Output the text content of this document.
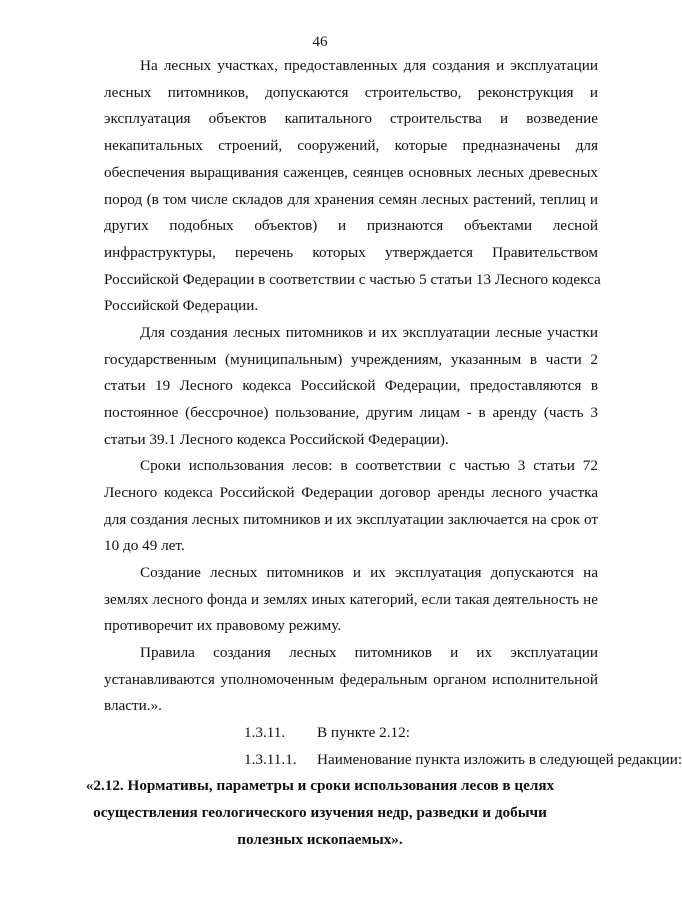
46
На лесных участках, предоставленных для создания и эксплуатации
лесных питомников, допускаются строительство, реконструкция и
эксплуатация объектов капитального строительства и возведение
некапитальных строений, сооружений, которые предназначены для
обеспечения выращивания саженцев, сеянцев основных лесных древесных
пород (в том числе складов для хранения семян лесных растений, теплиц и
других подобных объектов) и признаются объектами лесной
инфраструктуры, перечень которых утверждается Правительством
Российской Федерации в соответствии с частью 5 статьи 13 Лесного кодекса
Российской Федерации.
Для создания лесных питомников и их эксплуатации лесные участки
государственным (муниципальным) учреждениям, указанным в части 2
статьи 19 Лесного кодекса Российской Федерации, предоставляются в
постоянное (бессрочное) пользование, другим лицам - в аренду (часть 3
статьи 39.1 Лесного кодекса Российской Федерации).
Сроки использования лесов: в соответствии с частью 3 статьи 72
Лесного кодекса Российской Федерации договор аренды лесного участка
для создания лесных питомников и их эксплуатации заключается на срок от
10 до 49 лет.
Создание лесных питомников и их эксплуатация допускаются на
землях лесного фонда и землях иных категорий, если такая деятельность не
противоречит их правовому режиму.
Правила создания лесных питомников и их эксплуатации
устанавливаются уполномоченным федеральным органом исполнительной
власти.».
1.3.11. В пункте 2.12:
1.3.11.1. Наименование пункта изложить в следующей редакции:
«2.12. Нормативы, параметры и сроки использования лесов в целях
осуществления геологического изучения недр, разведки и добычи
полезных ископаемых».
